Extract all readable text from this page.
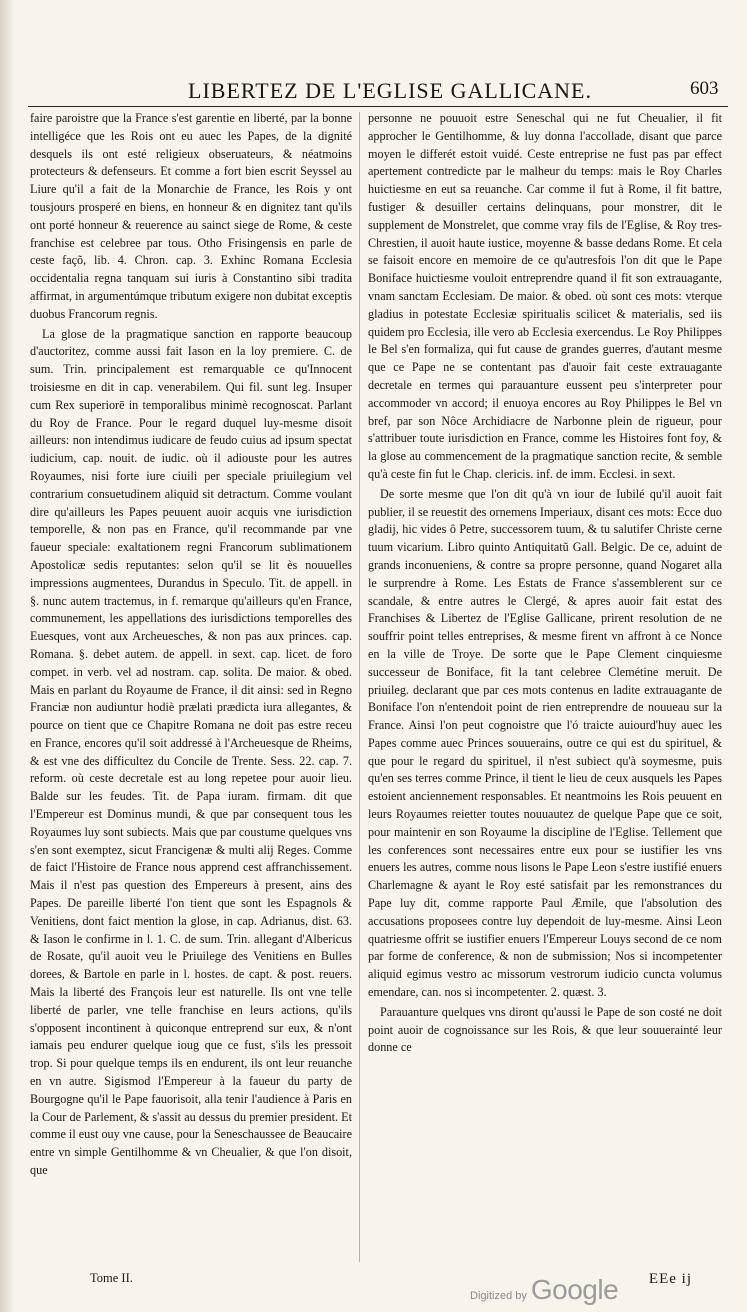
LIBERTEZ DE L'EGLISE GALLICANE.	603

faire paroistre que la France s'est garentie en liberté, par la bonne intelligéce que les Rois ont eu auec les Papes, de la dignité desquels ils ont esté religieux obseruateurs, & néatmoins protecteurs & defenseurs. Et comme a fort bien escrit Seyssel au Liure qu'il a fait de la Monarchie de France, les Rois y ont tousjours prosperé en biens, en honneur & en dignitez tant qu'ils ont porté honneur & reuerence au sainct siege de Rome, & ceste franchise est celebree par tous. Otho Frisingensis en parle de ceste façõ, lib. 4. Chron. cap. 3. Exhinc Romana Ecclesia occidentalia regna tanquam sui iuris à Constantino sibi tradita affirmat, in argumentúmque tributum exigere non dubitat exceptis duobus Francorum regnis.

La glose de la pragmatique sanction en rapporte beaucoup d'auctoritez, comme aussi fait Iason en la loy premiere. C. de sum. Trin. principalement est remarquable ce qu'Innocent troisiesme en dit in cap. venerabilem. Qui fil. sunt leg. Insuper cum Rex superiorē in temporalibus minimè recognoscat. Parlant du Roy de France. Pour le regard duquel luy-mesme disoit ailleurs: non intendimus iudicare de feudo cuius ad ipsum spectat iudicium, cap. nouit. de iudic. où il adiouste pour les autres Royaumes, nisi forte iure ciuili per speciale priuilegium vel contrarium consuetudinem aliquid sit detractum. Comme voulant dire qu'ailleurs les Papes peuuent auoir acquis vne iurisdiction temporelle, & non pas en France, qu'il recommande par vne faueur speciale: exaltationem regni Francorum sublimationem Apostolicæ sedis reputantes: selon qu'il se lit ès nouuelles impressions augmentees, Durandus in Speculo. Tit. de appell. in §. nunc autem tractemus, in f. remarque qu'ailleurs qu'en France, communement, les appellations des iurisdictions temporelles des Euesques, vont aux Archeuesches, & non pas aux princes. cap. Romana. §. debet autem. de appell. in sext. cap. licet. de foro compet. in verb. vel ad nostram. cap. solita. De maior. & obed. Mais en parlant du Royaume de France, il dit ainsi: sed in Regno Franciæ non audiuntur hodiè prælati prædicta iura allegantes, & pource on tient que ce Chapitre Romana ne doit pas estre receu en France, encores qu'il soit addressé à l'Archeuesque de Rheims, & est vne des difficultez du Concile de Trente. Sess. 22. cap. 7. reform. où ceste decretale est au long repetee pour auoir lieu. Balde sur les feudes. Tit. de Papa iuram. firmam. dit que l'Empereur est Dominus mundi, & que par consequent tous les Royaumes luy sont subiects. Mais que par coustume quelques vns s'en sont exemptez, sicut Francigenæ & multi alij Reges. Comme de faict l'Histoire de France nous apprend cest affranchissement. Mais il n'est pas question des Empereurs à present, ains des Papes. De pareille liberté l'on tient que sont les Espagnols & Venitiens, dont faict mention la glose, in cap. Adrianus, dist. 63. & Iason le confirme in l. 1. C. de sum. Trin. allegant d'Albericus de Rosate, qu'il auoit veu le Priuilege des Venitiens en Bulles dorees, & Bartole en parle in l. hostes. de capt. & post. reuers. Mais la liberté des François leur est naturelle. Ils ont vne telle liberté de parler, vne telle franchise en leurs actions, qu'ils s'opposent incontinent à quiconque entreprend sur eux, & n'ont iamais peu endurer quelque ioug que ce fust, s'ils les pressoit trop. Si pour quelque temps ils en endurent, ils ont leur reuanche en vn autre. Sigismod l'Empereur à la faueur du party de Bourgogne qu'il le Pape fauorisoit, alla tenir l'audience à Paris en la Cour de Parlement, & s'assit au dessus du premier president. Et comme il eust ouy vne cause, pour la Seneschaussee de Beaucaire entre vn simple Gentilhomme & vn Cheualier, & que l'on disoit, que

personne ne pouuoit estre Seneschal qui ne fut Cheualier, il fit approcher le Gentilhomme, & luy donna l'accollade, disant que parce moyen le differét estoit vuidé. Ceste entreprise ne fust pas par effect apertement contredicte par le malheur du temps: mais le Roy Charles huictiesme en eut sa reuanche. Car comme il fut à Rome, il fit battre, fustiger & desuiller certains delinquans, pour monstrer, dit le supplement de Monstrelet, que comme vray fils de l'Eglise, & Roy tres-Chrestien, il auoit haute iustice, moyenne & basse dedans Rome. Et cela se faisoit encore en memoire de ce qu'autresfois l'on dit que le Pape Boniface huictiesme vouloit entreprendre quand il fit son extrauagante, vnam sanctam Ecclesiam. De maior. & obed. où sont ces mots: vterque gladius in potestate Ecclesiæ spiritualis scilicet & materialis, sed iis quidem pro Ecclesia, ille vero ab Ecclesia exercendus. Le Roy Philippes le Bel s'en formaliza, qui fut cause de grandes guerres, d'autant mesme que ce Pape ne se contentant pas d'auoir fait ceste extrauagante decretale en termes qui parauanture eussent peu s'interpreter pour accommoder vn accord; il enuoya encores au Roy Philippes le Bel vn bref, par son Nôce Archidiacre de Narbonne plein de rigueur, pour s'attribuer toute iurisdiction en France, comme les Histoires font foy, & la glose au commencement de la pragmatique sanction recite, & semble qu'à ceste fin fut le Chap. clericis. inf. de imm. Ecclesi. in sext.

De sorte mesme que l'on dit qu'à vn iour de Iubilé qu'il auoit fait publier, il se reuestit des ornemens Imperiaux, disant ces mots: Ecce duo gladij, hic vides ô Petre, successorem tuum, & tu salutifer Christe cerne tuum vicarium. Libro quinto Antiquitatũ Gall. Belgic. De ce, aduint de grands inconueniens, & contre sa propre personne, quand Nogaret alla le surprendre à Rome. Les Estats de France s'assemblerent sur ce scandale, & entre autres le Clergé, & apres auoir fait estat des Franchises & Libertez de l'Eglise Gallicane, prirent resolution de ne souffrir point telles entreprises, & mesme firent vn affront à ce Nonce en la ville de Troye. De sorte que le Pape Clement cinquiesme successeur de Boniface, fit la tant celebree Clemétine meruit. De priuileg. declarant que par ces mots contenus en ladite extrauagante de Boniface l'on n'entendoit point de rien entreprendre de nouueau sur la France. Ainsi l'on peut cognoistre que l'ó traicte auiourd'huy auec les Papes comme auec Princes souuerains, outre ce qui est du spirituel, & que pour le regard du spirituel, il n'est subiect qu'à soymesme, puis qu'en ses terres comme Prince, il tient le lieu de ceux ausquels les Papes estoient anciennement responsables. Et neantmoins les Rois peuuent en leurs Royaumes reietter toutes nouuautez de quelque Pape que ce soit, pour maintenir en son Royaume la discipline de l'Eglise. Tellement que les conferences sont necessaires entre eux pour se iustifier les vns enuers les autres, comme nous lisons le Pape Leon s'estre iustifié enuers Charlemagne & ayant le Roy esté satisfait par les remonstrances du Pape luy dit, comme rapporte Paul Æmile, que l'absolution des accusations proposees contre luy dependoit de luy-mesme. Ainsi Leon quatriesme offrit se iustifier enuers l'Empereur Louys second de ce nom par forme de conference, & non de submission; Nos si incompetenter aliquid egimus vestro ac missorum vestrorum iudicio cuncta volumus emendare, can. nos si incompetenter. 2. quæst. 3.

Parauanture quelques vns diront qu'aussi le Pape de son costé ne doit point auoir de cognoissance sur les Rois, & que leur souuerainté leur donne ce

Tome II.	EEe ij
Digitized by Google
